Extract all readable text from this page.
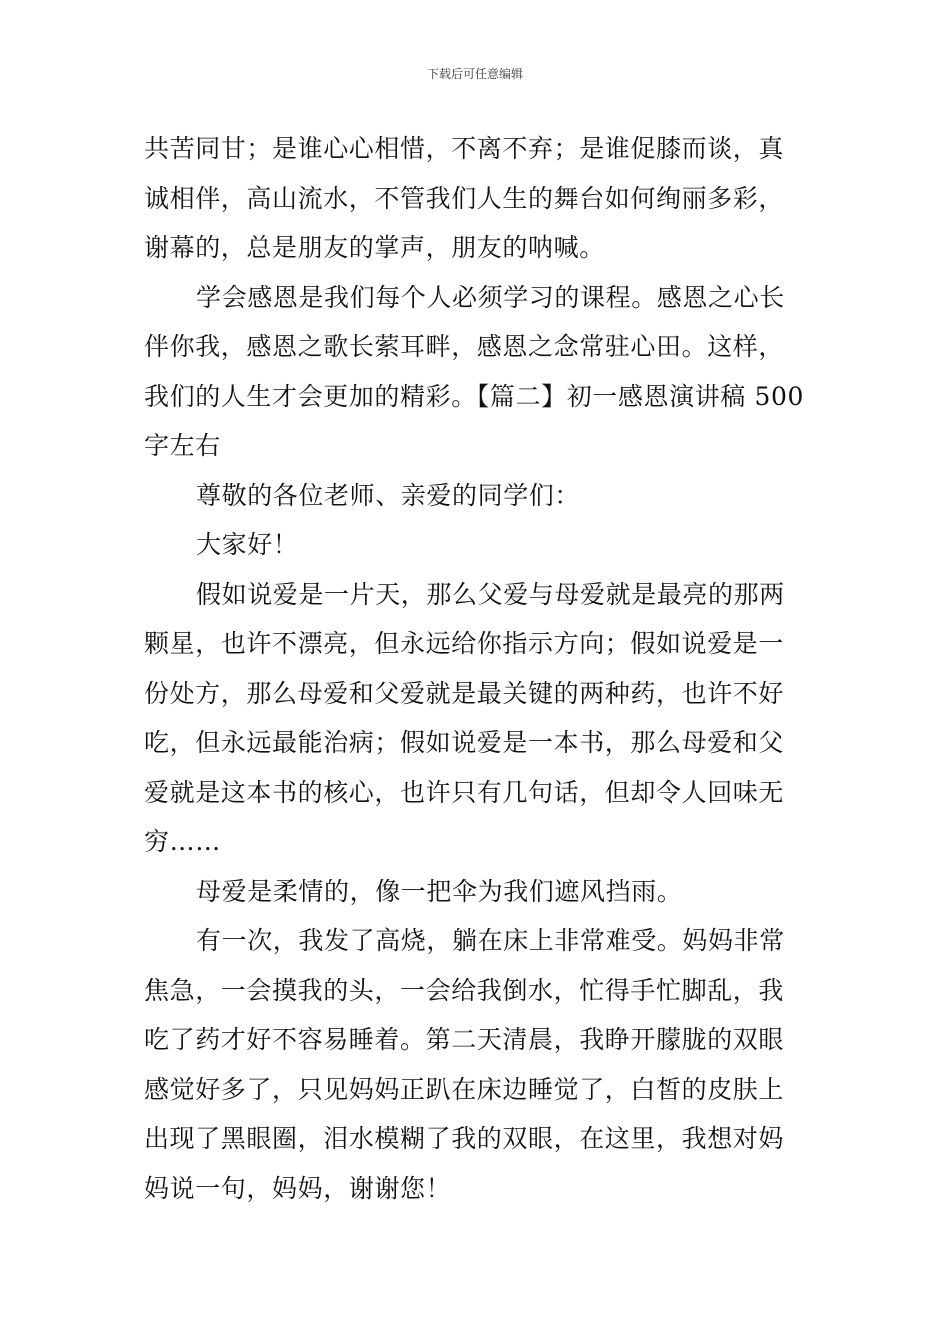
下载后可任意编辑
共苦同甘；是谁心心相惜，不离不弃；是谁促膝而谈，真
诚相伴，高山流水，不管我们人生的舞台如何绚丽多彩，
谢幕的，总是朋友的掌声，朋友的呐喊。
学会感恩是我们每个人必须学习的课程。感恩之心长
伴你我，感恩之歌长萦耳畔，感恩之念常驻心田。这样，
我们的人生才会更加的精彩。【篇二】初一感恩演讲稿 500
字左右
尊敬的各位老师、亲爱的同学们：
大家好！
假如说爱是一片天，那么父爱与母爱就是最亮的那两
颗星，也许不漂亮，但永远给你指示方向；假如说爱是一
份处方，那么母爱和父爱就是最关键的两种药，也许不好
吃，但永远最能治病；假如说爱是一本书，那么母爱和父
爱就是这本书的核心，也许只有几句话，但却令人回味无
穷……
母爱是柔情的，像一把伞为我们遮风挡雨。
有一次，我发了高烧，躺在床上非常难受。妈妈非常
焦急，一会摸我的头，一会给我倒水，忙得手忙脚乱，我
吃了药才好不容易睡着。第二天清晨，我睁开朦胧的双眼
感觉好多了，只见妈妈正趴在床边睡觉了，白皙的皮肤上
出现了黑眼圈，泪水模糊了我的双眼，在这里，我想对妈
妈说一句，妈妈，谢谢您！
